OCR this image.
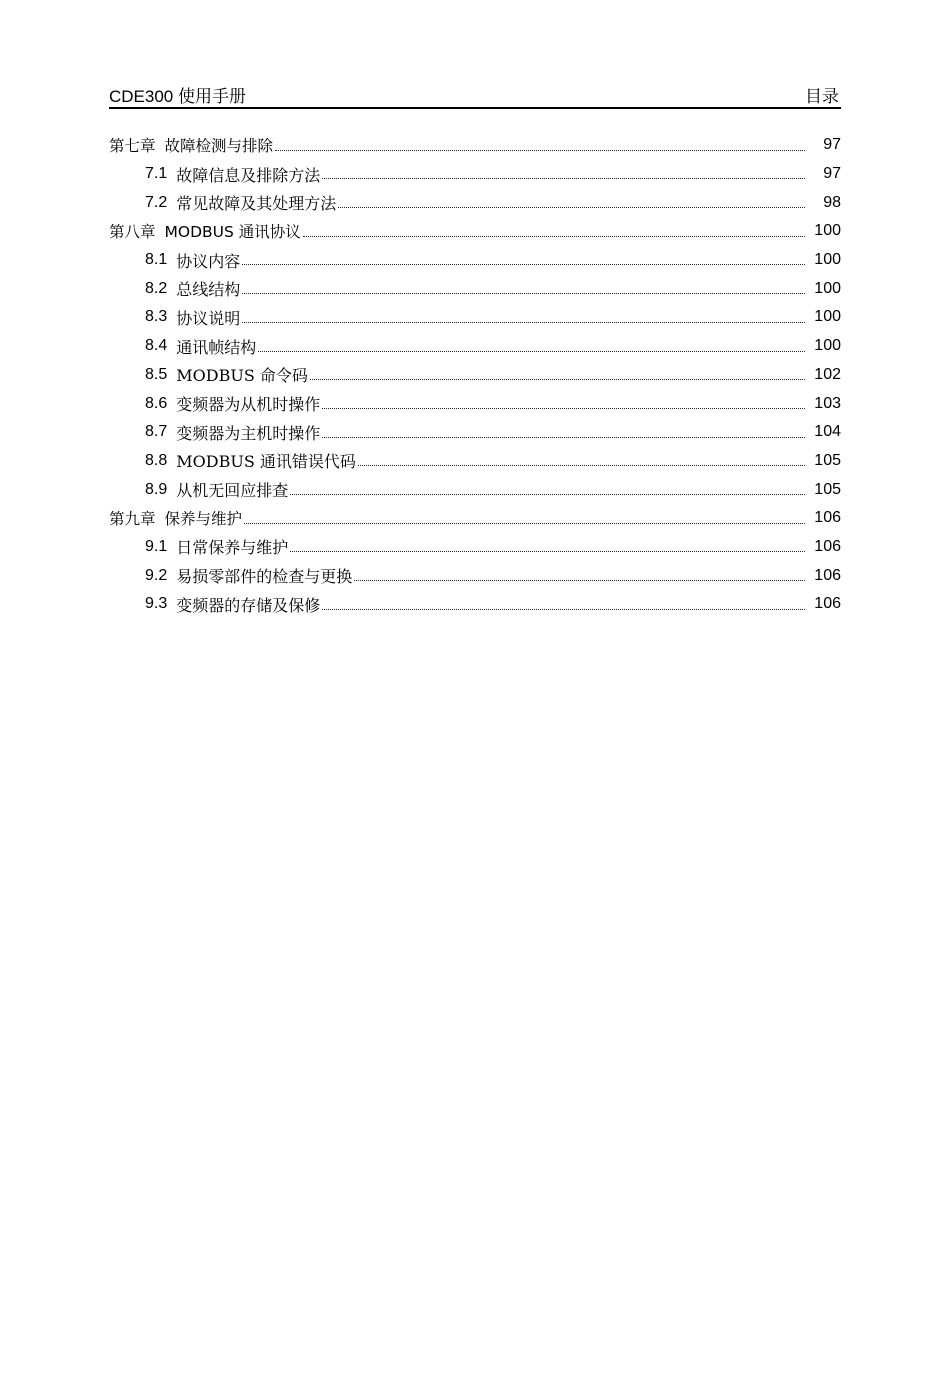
CDE300 使用手册	目录
第七章 故障检测与排除	97
7.1 故障信息及排除方法	97
7.2 常见故障及其处理方法	98
第八章 MODBUS 通讯协议	100
8.1 协议内容	100
8.2 总线结构	100
8.3 协议说明	100
8.4 通讯帧结构	100
8.5 MODBUS 命令码	102
8.6 变频器为从机时操作	103
8.7 变频器为主机时操作	104
8.8 MODBUS 通讯错误代码	105
8.9 从机无回应排查	105
第九章 保养与维护	106
9.1 日常保养与维护	106
9.2 易损零部件的检查与更换	106
9.3 变频器的存储及保修	106
